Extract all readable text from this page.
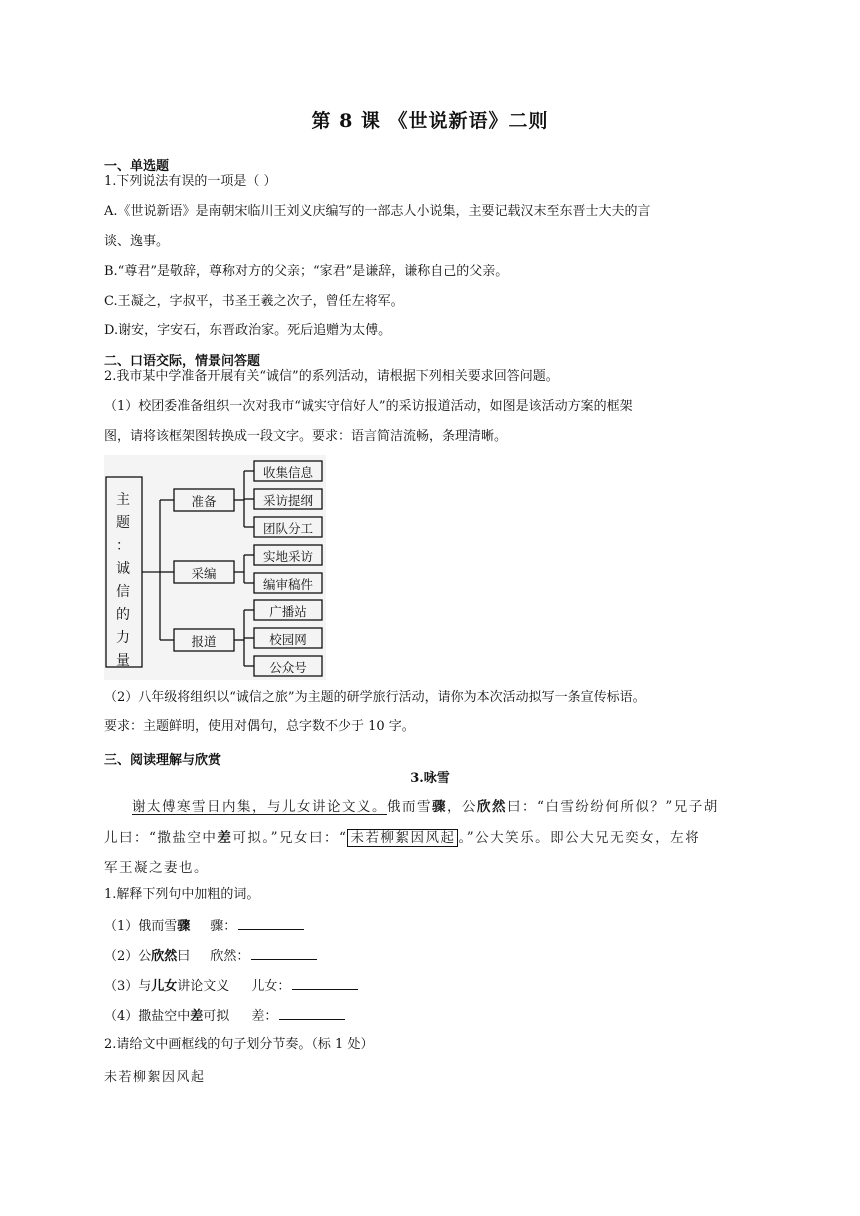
第 8 课 《世说新语》二则
一、单选题
1.下列说法有误的一项是（ ）
A.《世说新语》是南朝宋临川王刘义庆编写的一部志人小说集，主要记载汉末至东晋士大夫的言
谈、逸事。
B.“尊君”是敬辞，尊称对方的父亲；“家君”是谦辞，谦称自己的父亲。
C.王凝之，字叔平，书圣王羲之次子，曾任左将军。
D.谢安，字安石，东晋政治家。死后追赠为太傅。
二、口语交际，情景问答题
2.我市某中学准备开展有关“诚信”的系列活动，请根据下列相关要求回答问题。
（1）校团委准备组织一次对我市“诚实守信好人”的采访报道活动，如图是该活动方案的框架
图，请将该框架图转换成一段文字。要求：语言简洁流畅，条理清晰。
主
题
：
诚
信
的
力
量
准备
采编
报道
收集信息
采访提纲
团队分工
实地采访
编审稿件
广播站
校园网
公众号
（2）八年级将组织以“诚信之旅”为主题的研学旅行活动，请你为本次活动拟写一条宣传标语。
要求：主题鲜明，使用对偶句，总字数不少于 10 字。
三、阅读理解与欣赏
3.咏雪
谢太傅寒雪日内集，与儿女讲论文义。俄而雪骤，公欣然曰：“白雪纷纷何所似？”兄子胡
儿曰：“撒盐空中差可拟。”兄女曰：“ 未若柳絮因风起 。”公大笑乐。即公大兄无奕女，左将
军王凝之妻也。
1.解释下列句中加粗的词。
（1）俄而雪骤 骤：
（2）公欣然曰 欣然：
（3）与儿女讲论文义 儿女：
（4）撒盐空中差可拟 差：
2.请给文中画框线的句子划分节奏。（标 1 处）
未若柳絮因风起
